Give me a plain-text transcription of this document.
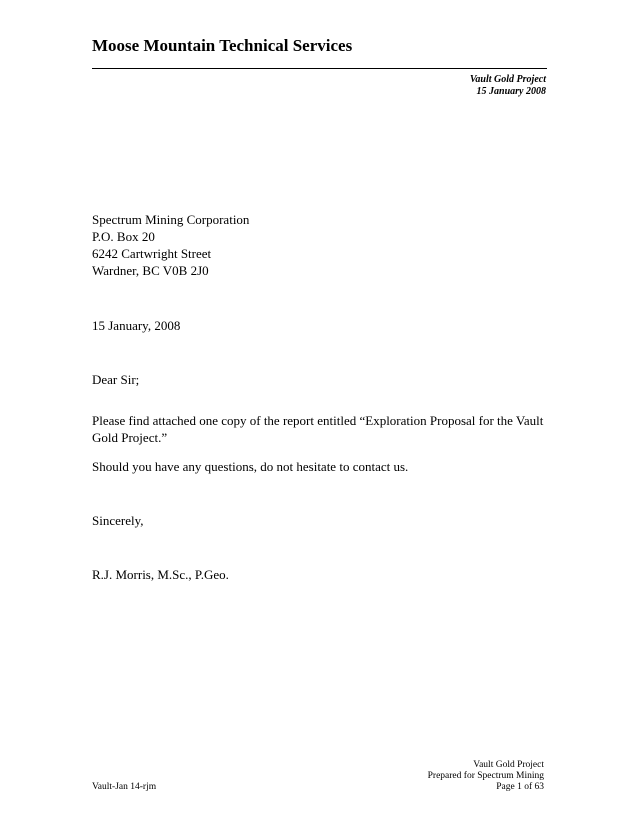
Moose Mountain Technical Services
Vault Gold Project
15 January 2008
Spectrum Mining Corporation
P.O. Box 20
6242 Cartwright Street
Wardner, BC V0B 2J0
15 January, 2008
Dear Sir;
Please find attached one copy of the report entitled “Exploration Proposal for the Vault
Gold Project.”
Should you have any questions, do not hesitate to contact us.
Sincerely,
R.J. Morris, M.Sc., P.Geo.
Vault Gold Project
Prepared for Spectrum Mining
Page 1 of 63
Vault-Jan 14-rjm
